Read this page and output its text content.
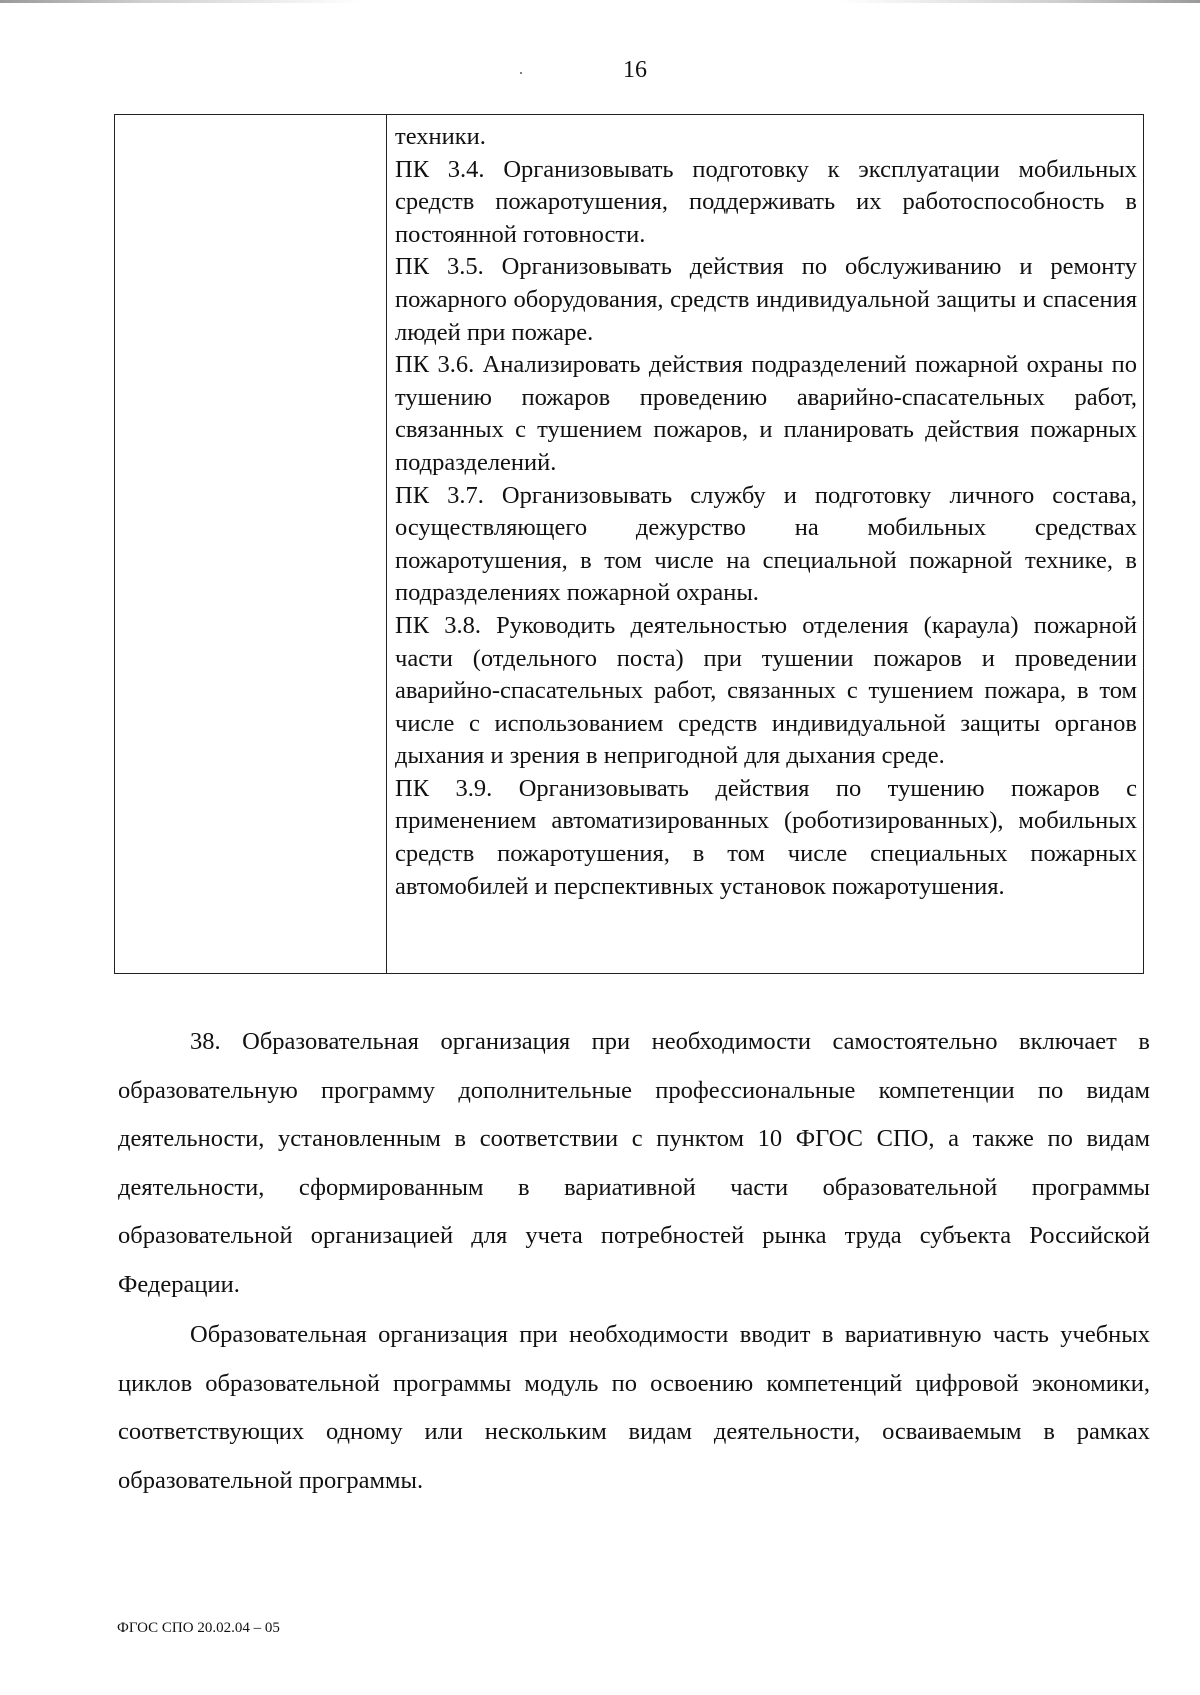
16

техники.

ПК 3.4. Организовывать подготовку к эксплуатации мобильных средств пожаротушения, поддерживать их работоспособность в постоянной готовности.

ПК 3.5. Организовывать действия по обслуживанию и ремонту пожарного оборудования, средств индивидуальной защиты и спасения людей при пожаре.

ПК 3.6. Анализировать действия подразделений пожарной охраны по тушению пожаров проведению аварийно-спасательных работ, связанных с тушением пожаров, и планировать действия пожарных подразделений.

ПК 3.7. Организовывать службу и подготовку личного состава, осуществляющего дежурство на мобильных средствах пожаротушения, в том числе на специальной пожарной технике, в подразделениях пожарной охраны.

ПК 3.8. Руководить деятельностью отделения (караула) пожарной части (отдельного поста) при тушении пожаров и проведении аварийно-спасательных работ, связанных с тушением пожара, в том числе с использованием средств индивидуальной защиты органов дыхания и зрения в непригодной для дыхания среде.

ПК 3.9. Организовывать действия по тушению пожаров с применением автоматизированных (роботизированных), мобильных средств пожаротушения, в том числе специальных пожарных автомобилей и перспективных установок пожаротушения.

38. Образовательная организация при необходимости самостоятельно включает в образовательную программу дополнительные профессиональные компетенции по видам деятельности, установленным в соответствии с пунктом 10 ФГОС СПО, а также по видам деятельности, сформированным в вариативной части образовательной программы образовательной организацией для учета потребностей рынка труда субъекта Российской Федерации.

Образовательная организация при необходимости вводит в вариативную часть учебных циклов образовательной программы модуль по освоению компетенций цифровой экономики, соответствующих одному или нескольким видам деятельности, осваиваемым в рамках образовательной программы.

ФГОС СПО 20.02.04 – 05
